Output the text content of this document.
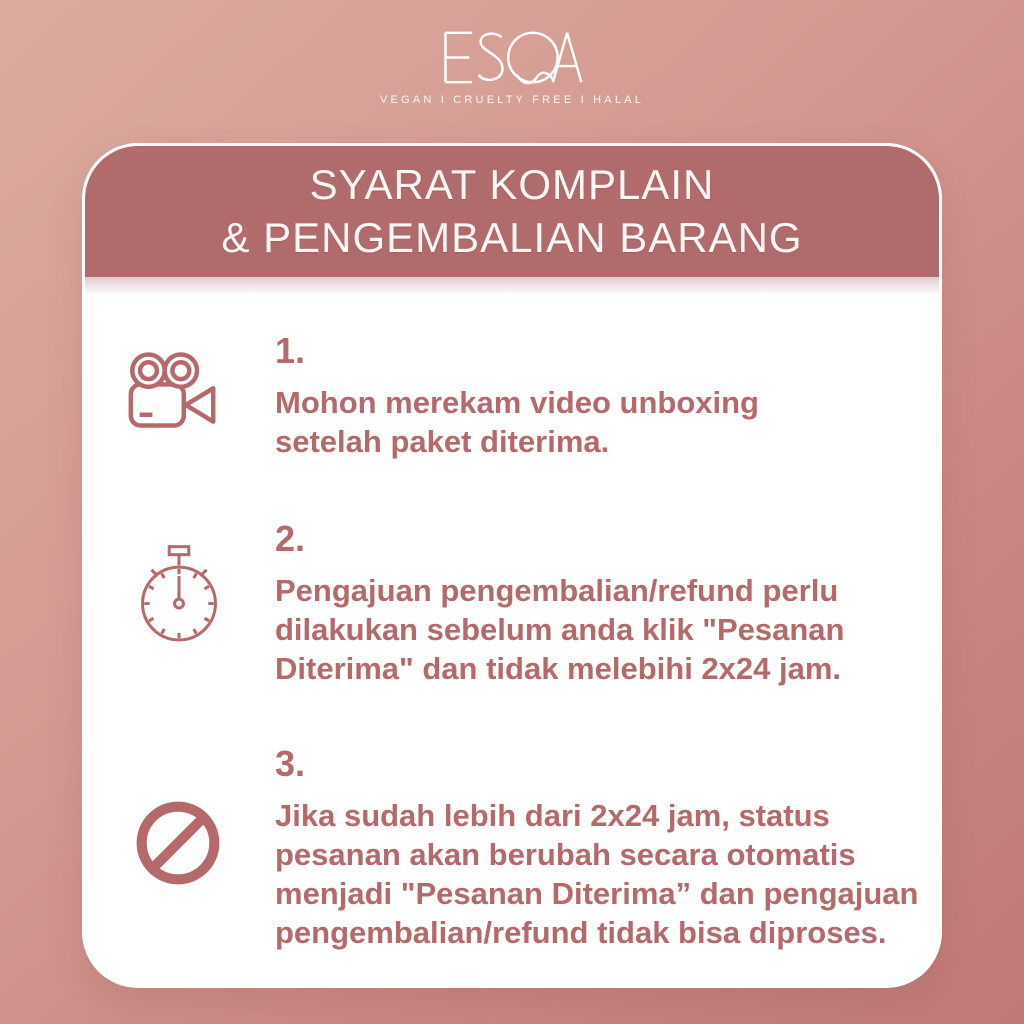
VEGAN I CRUELTY FREE I HALAL
SYARAT KOMPLAIN
& PENGEMBALIAN BARANG
1.
Mohon merekam video unboxing
setelah paket diterima.
2.
Pengajuan pengembalian/refund perlu
dilakukan sebelum anda klik "Pesanan
Diterima" dan tidak melebihi 2x24 jam.
3.
Jika sudah lebih dari 2x24 jam, status
pesanan akan berubah secara otomatis
menjadi "Pesanan Diterima” dan pengajuan
pengembalian/refund tidak bisa diproses.
